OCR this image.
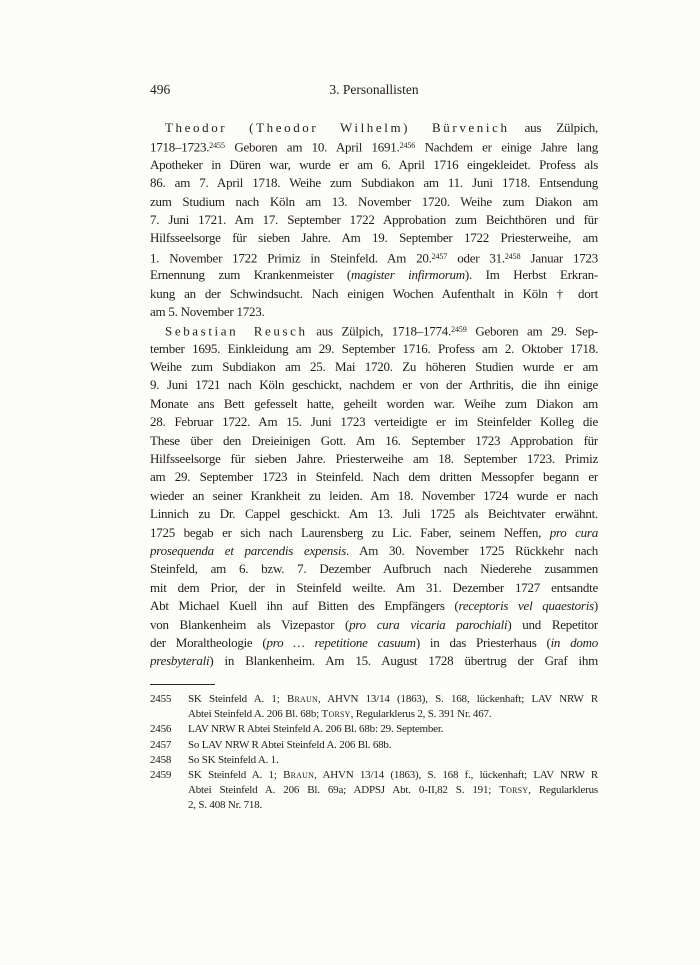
496	3. Personallisten
Theodor (Theodor Wilhelm) Bürvenich aus Zülpich,
1718–1723.$^{2455}$ Geboren am 10. April 1691.$^{2456}$ Nachdem er einige Jahre lang
Apotheker in Düren war, wurde er am 6. April 1716 eingekleidet. Profess als
86. am 7. April 1718. Weihe zum Subdiakon am 11. Juni 1718. Entsendung
zum Studium nach Köln am 13. November 1720. Weihe zum Diakon am
7. Juni 1721. Am 17. September 1722 Approbation zum Beichthören und für
Hilfsseelsorge für sieben Jahre. Am 19. September 1722 Priesterweihe, am
1. November 1722 Primiz in Steinfeld. Am 20.$^{2457}$ oder 31.$^{2458}$ Januar 1723
Ernennung zum Krankenmeister (magister infirmorum). Im Herbst Erkran-
kung an der Schwindsucht. Nach einigen Wochen Aufenthalt in Köln † dort
am 5. November 1723.
Sebastian Reusch aus Zülpich, 1718–1774.$^{2459}$ Geboren am 29. Sep-
tember 1695. Einkleidung am 29. September 1716. Profess am 2. Oktober 1718.
Weihe zum Subdiakon am 25. Mai 1720. Zu höheren Studien wurde er am
9. Juni 1721 nach Köln geschickt, nachdem er von der Arthritis, die ihn einige
Monate ans Bett gefesselt hatte, geheilt worden war. Weihe zum Diakon am
28. Februar 1722. Am 15. Juni 1723 verteidigte er im Steinfelder Kolleg die
These über den Dreieinigen Gott. Am 16. September 1723 Approbation für
Hilfsseelsorge für sieben Jahre. Priesterweihe am 18. September 1723. Primiz
am 29. September 1723 in Steinfeld. Nach dem dritten Messopfer begann er
wieder an seiner Krankheit zu leiden. Am 18. November 1724 wurde er nach
Linnich zu Dr. Cappel geschickt. Am 13. Juli 1725 als Beichtvater erwähnt.
1725 begab er sich nach Laurensberg zu Lic. Faber, seinem Neffen, pro cura
prosequenda et parcendis expensis. Am 30. November 1725 Rückkehr nach
Steinfeld, am 6. bzw. 7. Dezember Aufbruch nach Niederehe zusammen
mit dem Prior, der in Steinfeld weilte. Am 31. Dezember 1727 entsandte
Abt Michael Kuell ihn auf Bitten des Empfängers (receptoris vel quaestoris)
von Blankenheim als Vizepastor (pro cura vicaria parochiali) und Repetitor
der Moraltheologie (pro … repetitione casuum) in das Priesterhaus (in domo
presbyterali) in Blankenheim. Am 15. August 1728 übertrug der Graf ihm
2455 SK Steinfeld A. 1; Braun, AHVN 13/14 (1863), S. 168, lückenhaft; LAV NRW R
Abtei Steinfeld A. 206 Bl. 68b; Torsy, Regularklerus 2, S. 391 Nr. 467.
2456 LAV NRW R Abtei Steinfeld A. 206 Bl. 68b: 29. September.
2457 So LAV NRW R Abtei Steinfeld A. 206 Bl. 68b.
2458 So SK Steinfeld A. 1.
2459 SK Steinfeld A. 1; Braun, AHVN 13/14 (1863), S. 168 f., lückenhaft; LAV NRW R
Abtei Steinfeld A. 206 Bl. 69a; ADPSJ Abt. 0-II,82 S. 191; Torsy, Regularklerus
2, S. 408 Nr. 718.
